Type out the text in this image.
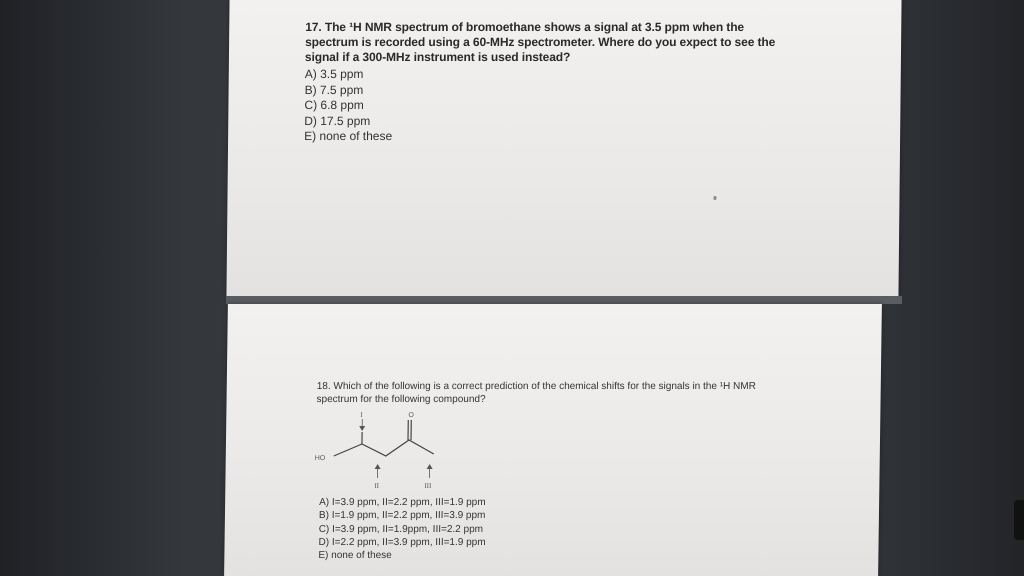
17. The ¹H NMR spectrum of bromoethane shows a signal at 3.5 ppm when the spectrum is recorded using a 60-MHz spectrometer. Where do you expect to see the signal if a 300-MHz instrument is used instead?
A) 3.5 ppm
B) 7.5 ppm
C) 6.8 ppm
D) 17.5 ppm
E) none of these
18. Which of the following is a correct prediction of the chemical shifts for the signals in the ¹H NMR spectrum for the following compound?
I	O
HO
II	III
A) I=3.9 ppm, II=2.2 ppm, III=1.9 ppm
B) I=1.9 ppm, II=2.2 ppm, III=3.9 ppm
C) I=3.9 ppm, II=1.9ppm, III=2.2 ppm
D) I=2.2 ppm, II=3.9 ppm, III=1.9 ppm
E) none of these
